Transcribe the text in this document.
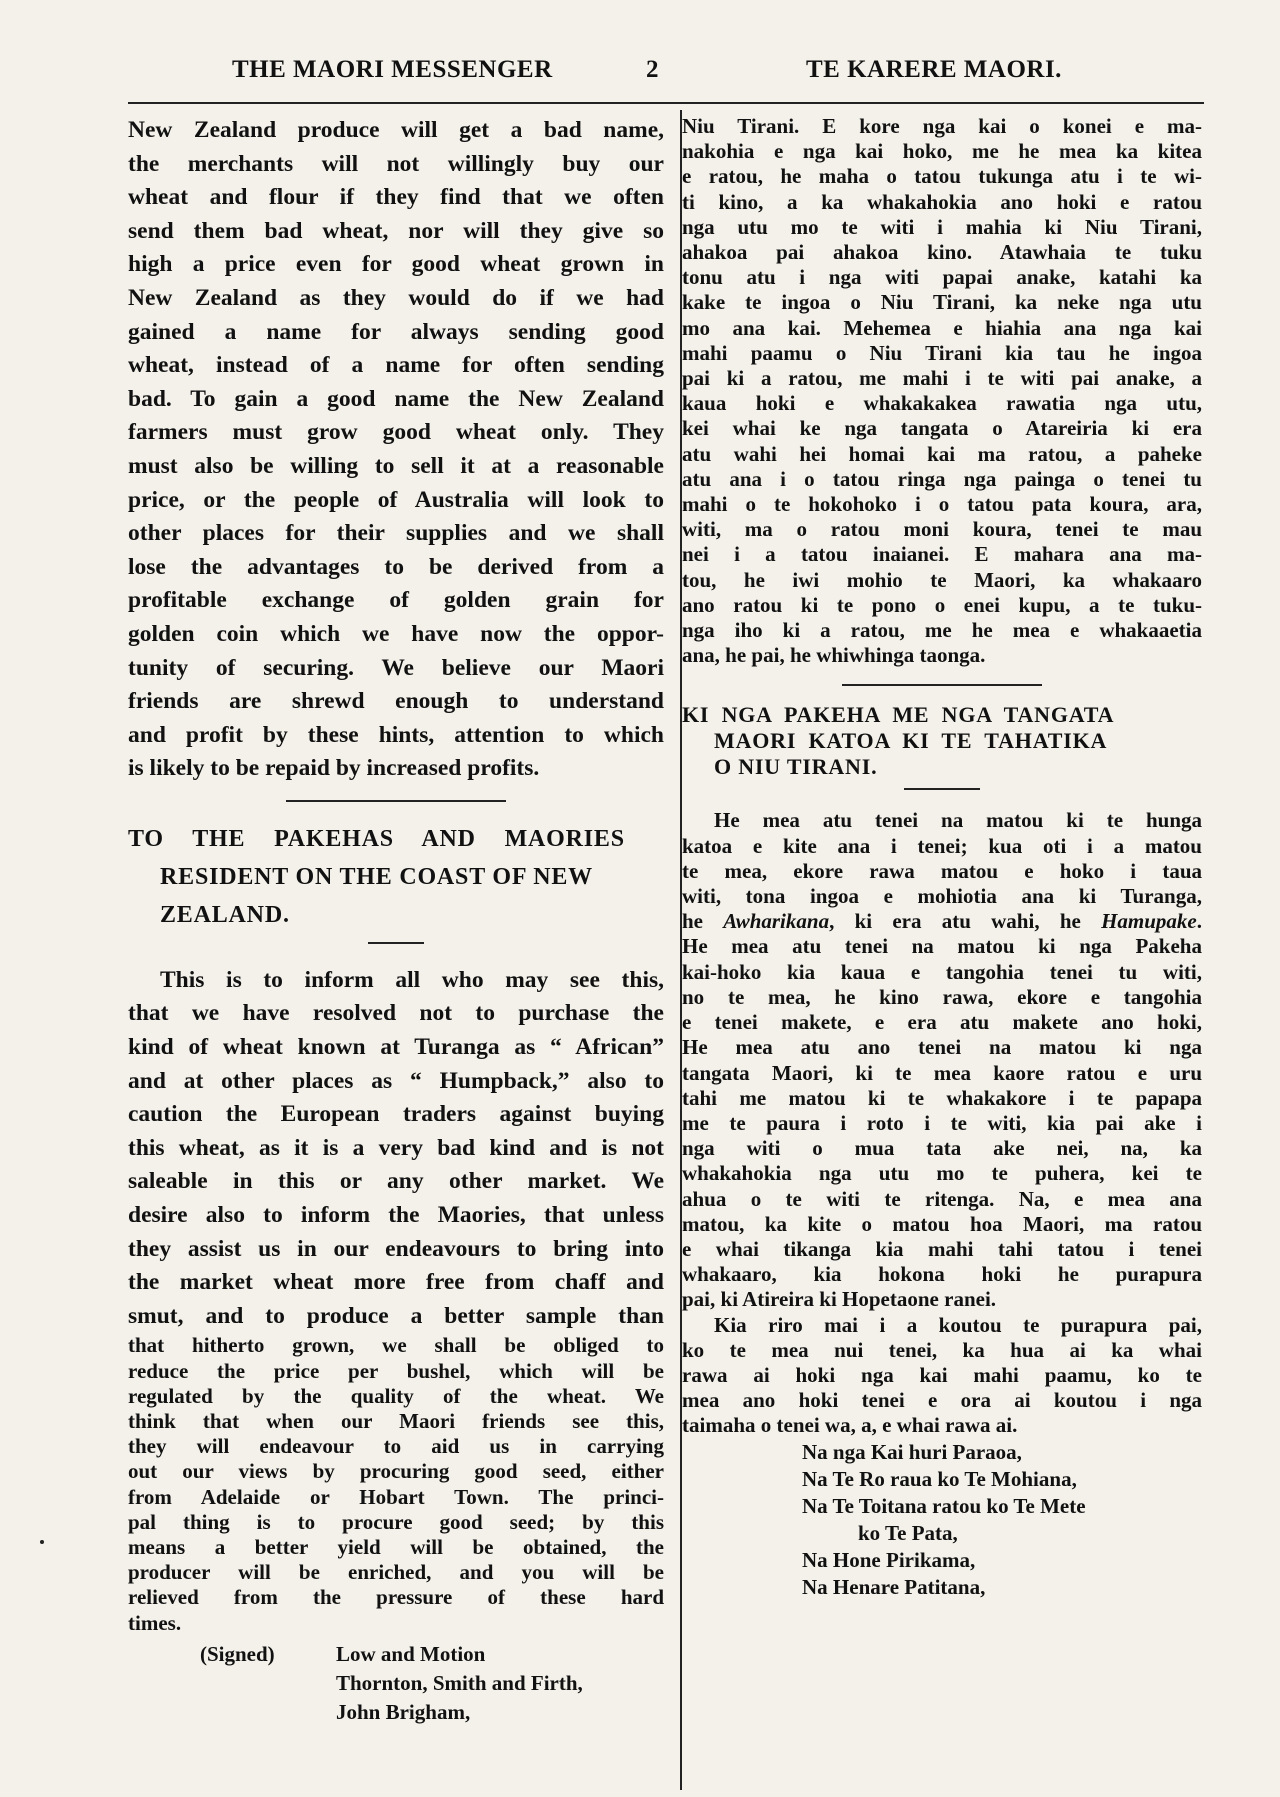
THE MAORI MESSENGER	2	TE KARERE MAORI.
New Zealand produce will get a bad name,
the merchants will not willingly buy our
wheat and flour if they find that we often
send them bad wheat, nor will they give so
high a price even for good wheat grown in
New Zealand as they would do if we had
gained a name for always sending good
wheat, instead of a name for often sending
bad. To gain a good name the New Zealand
farmers must grow good wheat only. They
must also be willing to sell it at a reasonable
price, or the people of Australia will look to
other places for their supplies and we shall
lose the advantages to be derived from a
profitable exchange of golden grain for
golden coin which we have now the oppor-
tunity of securing. We believe our Maori
friends are shrewd enough to understand
and profit by these hints, attention to which
is likely to be repaid by increased profits.
TO THE PAKEHAS AND MAORIES
RESIDENT ON THE COAST OF NEW
ZEALAND.
This is to inform all who may see this,
that we have resolved not to purchase the
kind of wheat known at Turanga as “ African”
and at other places as “ Humpback,” also to
caution the European traders against buying
this wheat, as it is a very bad kind and is not
saleable in this or any other market. We
desire also to inform the Maories, that unless
they assist us in our endeavours to bring into
the market wheat more free from chaff and
smut, and to produce a better sample than
that hitherto grown, we shall be obliged to
reduce the price per bushel, which will be
regulated by the quality of the wheat. We
think that when our Maori friends see this,
they will endeavour to aid us in carrying
out our views by procuring good seed, either
from Adelaide or Hobart Town. The princi-
pal thing is to procure good seed; by this
means a better yield will be obtained, the
producer will be enriched, and you will be
relieved from the pressure of these hard
times.
(Signed)	Low and Motion
Thornton, Smith and Firth,
John Brigham,
Niu Tirani. E kore nga kai o konei e ma-
nakohia e nga kai hoko, me he mea ka kitea
e ratou, he maha o tatou tukunga atu i te wi-
ti kino, a ka whakahokia ano hoki e ratou
nga utu mo te witi i mahia ki Niu Tirani,
ahakoa pai ahakoa kino. Atawhaia te tuku
tonu atu i nga witi papai anake, katahi ka
kake te ingoa o Niu Tirani, ka neke nga utu
mo ana kai. Mehemea e hiahia ana nga kai
mahi paamu o Niu Tirani kia tau he ingoa
pai ki a ratou, me mahi i te witi pai anake, a
kaua hoki e whakakakea rawatia nga utu,
kei whai ke nga tangata o Atareiria ki era
atu wahi hei homai kai ma ratou, a paheke
atu ana i o tatou ringa nga painga o tenei tu
mahi o te hokohoko i o tatou pata koura, ara,
witi, ma o ratou moni koura, tenei te mau
nei i a tatou inaianei. E mahara ana ma-
tou, he iwi mohio te Maori, ka whakaaro
ano ratou ki te pono o enei kupu, a te tuku-
nga iho ki a ratou, me he mea e whakaaetia
ana, he pai, he whiwhinga taonga.
KI NGA PAKEHA ME NGA TANGATA
MAORI KATOA KI TE TAHATIKA
O NIU TIRANI.
He mea atu tenei na matou ki te hunga
katoa e kite ana i tenei; kua oti i a matou
te mea, ekore rawa matou e hoko i taua
witi, tona ingoa e mohiotia ana ki Turanga,
he Awharikana, ki era atu wahi, he Hamupake.
He mea atu tenei na matou ki nga Pakeha
kai-hoko kia kaua e tangohia tenei tu witi,
no te mea, he kino rawa, ekore e tangohia
e tenei makete, e era atu makete ano hoki,
He mea atu ano tenei na matou ki nga
tangata Maori, ki te mea kaore ratou e uru
tahi me matou ki te whakakore i te papapa
me te paura i roto i te witi, kia pai ake i
nga witi o mua tata ake nei, na, ka
whakahokia nga utu mo te puhera, kei te
ahua o te witi te ritenga. Na, e mea ana
matou, ka kite o matou hoa Maori, ma ratou
e whai tikanga kia mahi tahi tatou i tenei
whakaaro, kia hokona hoki he purapura
pai, ki Atireira ki Hopetaone ranei.
Kia riro mai i a koutou te purapura pai,
ko te mea nui tenei, ka hua ai ka whai
rawa ai hoki nga kai mahi paamu, ko te
mea ano hoki tenei e ora ai koutou i nga
taimaha o tenei wa, a, e whai rawa ai.
Na nga Kai huri Paraoa,
Na Te Ro raua ko Te Mohiana,
Na Te Toitana ratou ko Te Mete
ko Te Pata,
Na Hone Pirikama,
Na Henare Patitana,
